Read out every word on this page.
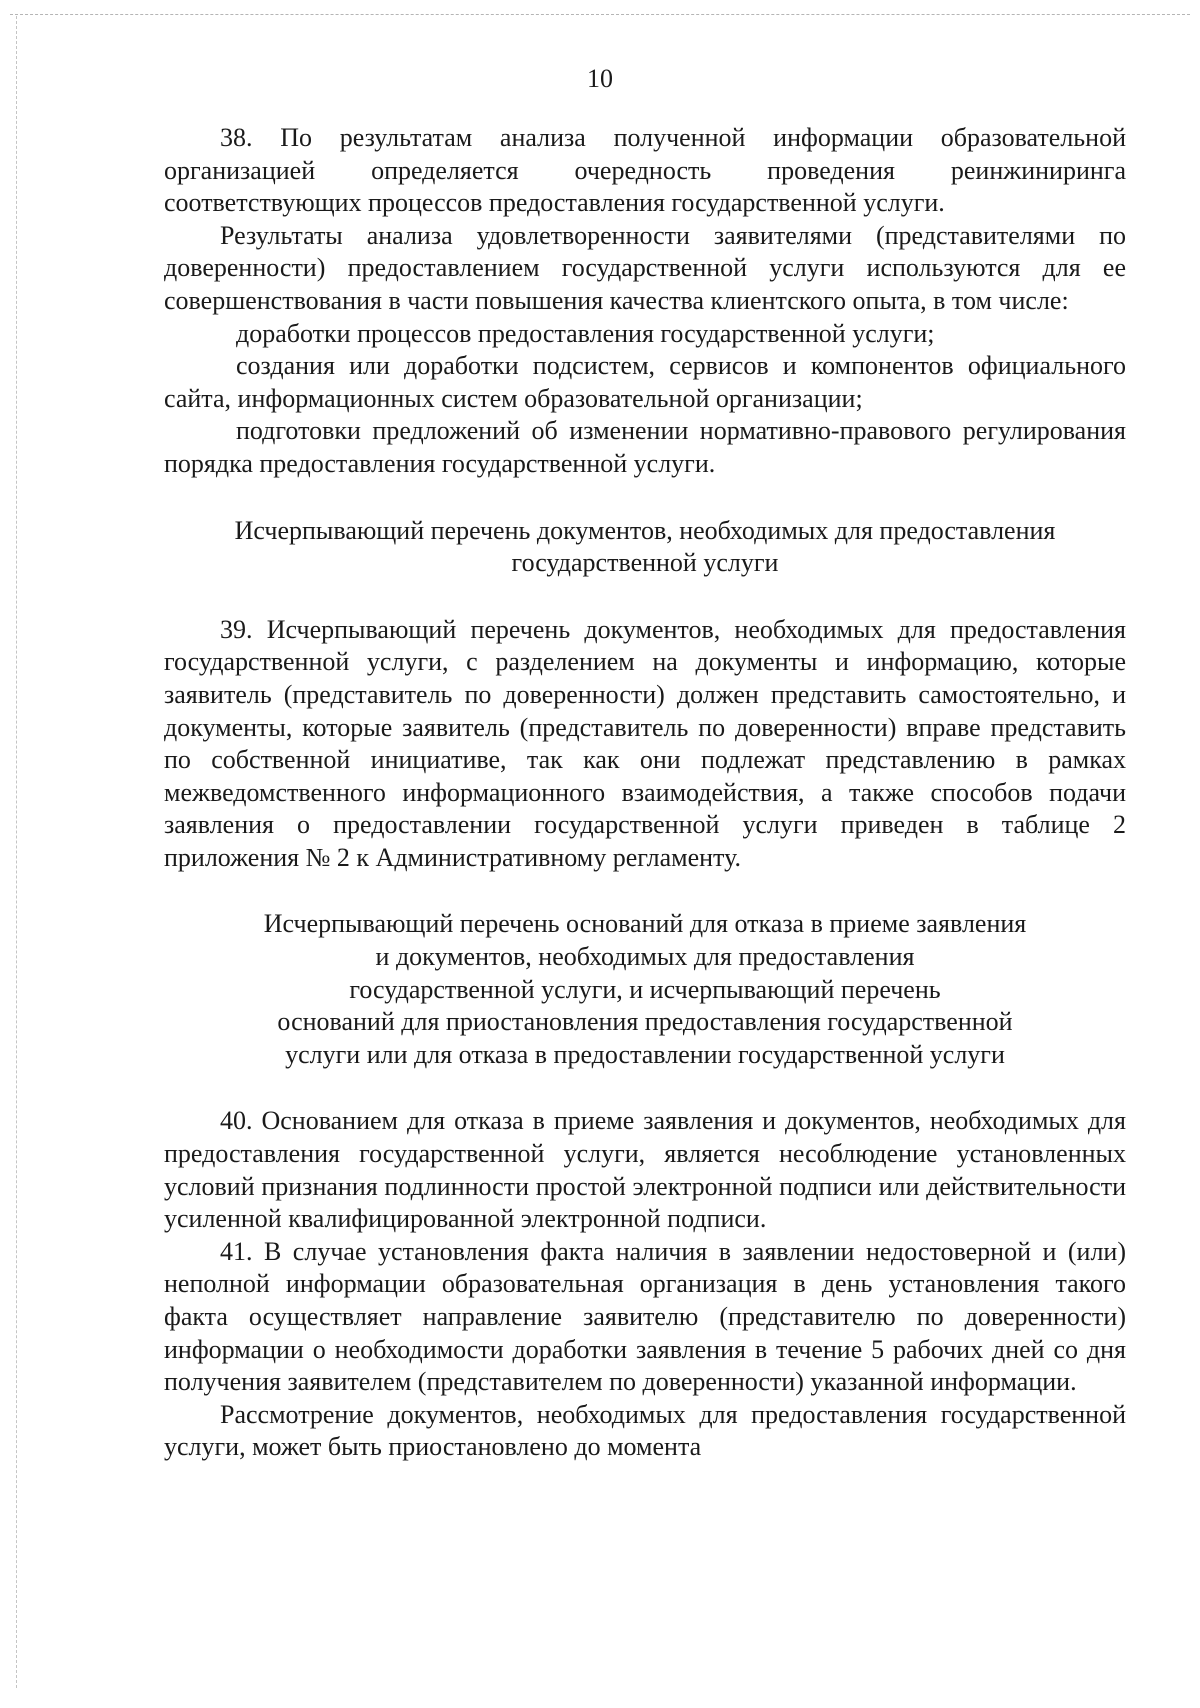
10

38. По результатам анализа полученной информации образовательной организацией определяется очередность проведения реинжиниринга соответствующих процессов предоставления государственной услуги.

Результаты анализа удовлетворенности заявителями (представителями по доверенности) предоставлением государственной услуги используются для ее совершенствования в части повышения качества клиентского опыта, в том числе:

доработки процессов предоставления государственной услуги;

создания или доработки подсистем, сервисов и компонентов официального сайта, информационных систем образовательной организации;

подготовки предложений об изменении нормативно-правового регулирования порядка предоставления государственной услуги.

Исчерпывающий перечень документов, необходимых для предоставления
государственной услуги

39. Исчерпывающий перечень документов, необходимых для предоставления государственной услуги, с разделением на документы и информацию, которые заявитель (представитель по доверенности) должен представить самостоятельно, и документы, которые заявитель (представитель по доверенности) вправе представить по собственной инициативе, так как они подлежат представлению в рамках межведомственного информационного взаимодействия, а также способов подачи заявления о предоставлении государственной услуги приведен в таблице 2 приложения № 2 к Административному регламенту.

Исчерпывающий перечень оснований для отказа в приеме заявления
и документов, необходимых для предоставления
государственной услуги, и исчерпывающий перечень
оснований для приостановления предоставления государственной
услуги или для отказа в предоставлении государственной услуги

40. Основанием для отказа в приеме заявления и документов, необходимых для предоставления государственной услуги, является несоблюдение установленных условий признания подлинности простой электронной подписи или действительности усиленной квалифицированной электронной подписи.

41. В случае установления факта наличия в заявлении недостоверной и (или) неполной информации образовательная организация в день установления такого факта осуществляет направление заявителю (представителю по доверенности) информации о необходимости доработки заявления в течение 5 рабочих дней со дня получения заявителем (представителем по доверенности) указанной информации.

Рассмотрение документов, необходимых для предоставления государственной услуги, может быть приостановлено до момента
